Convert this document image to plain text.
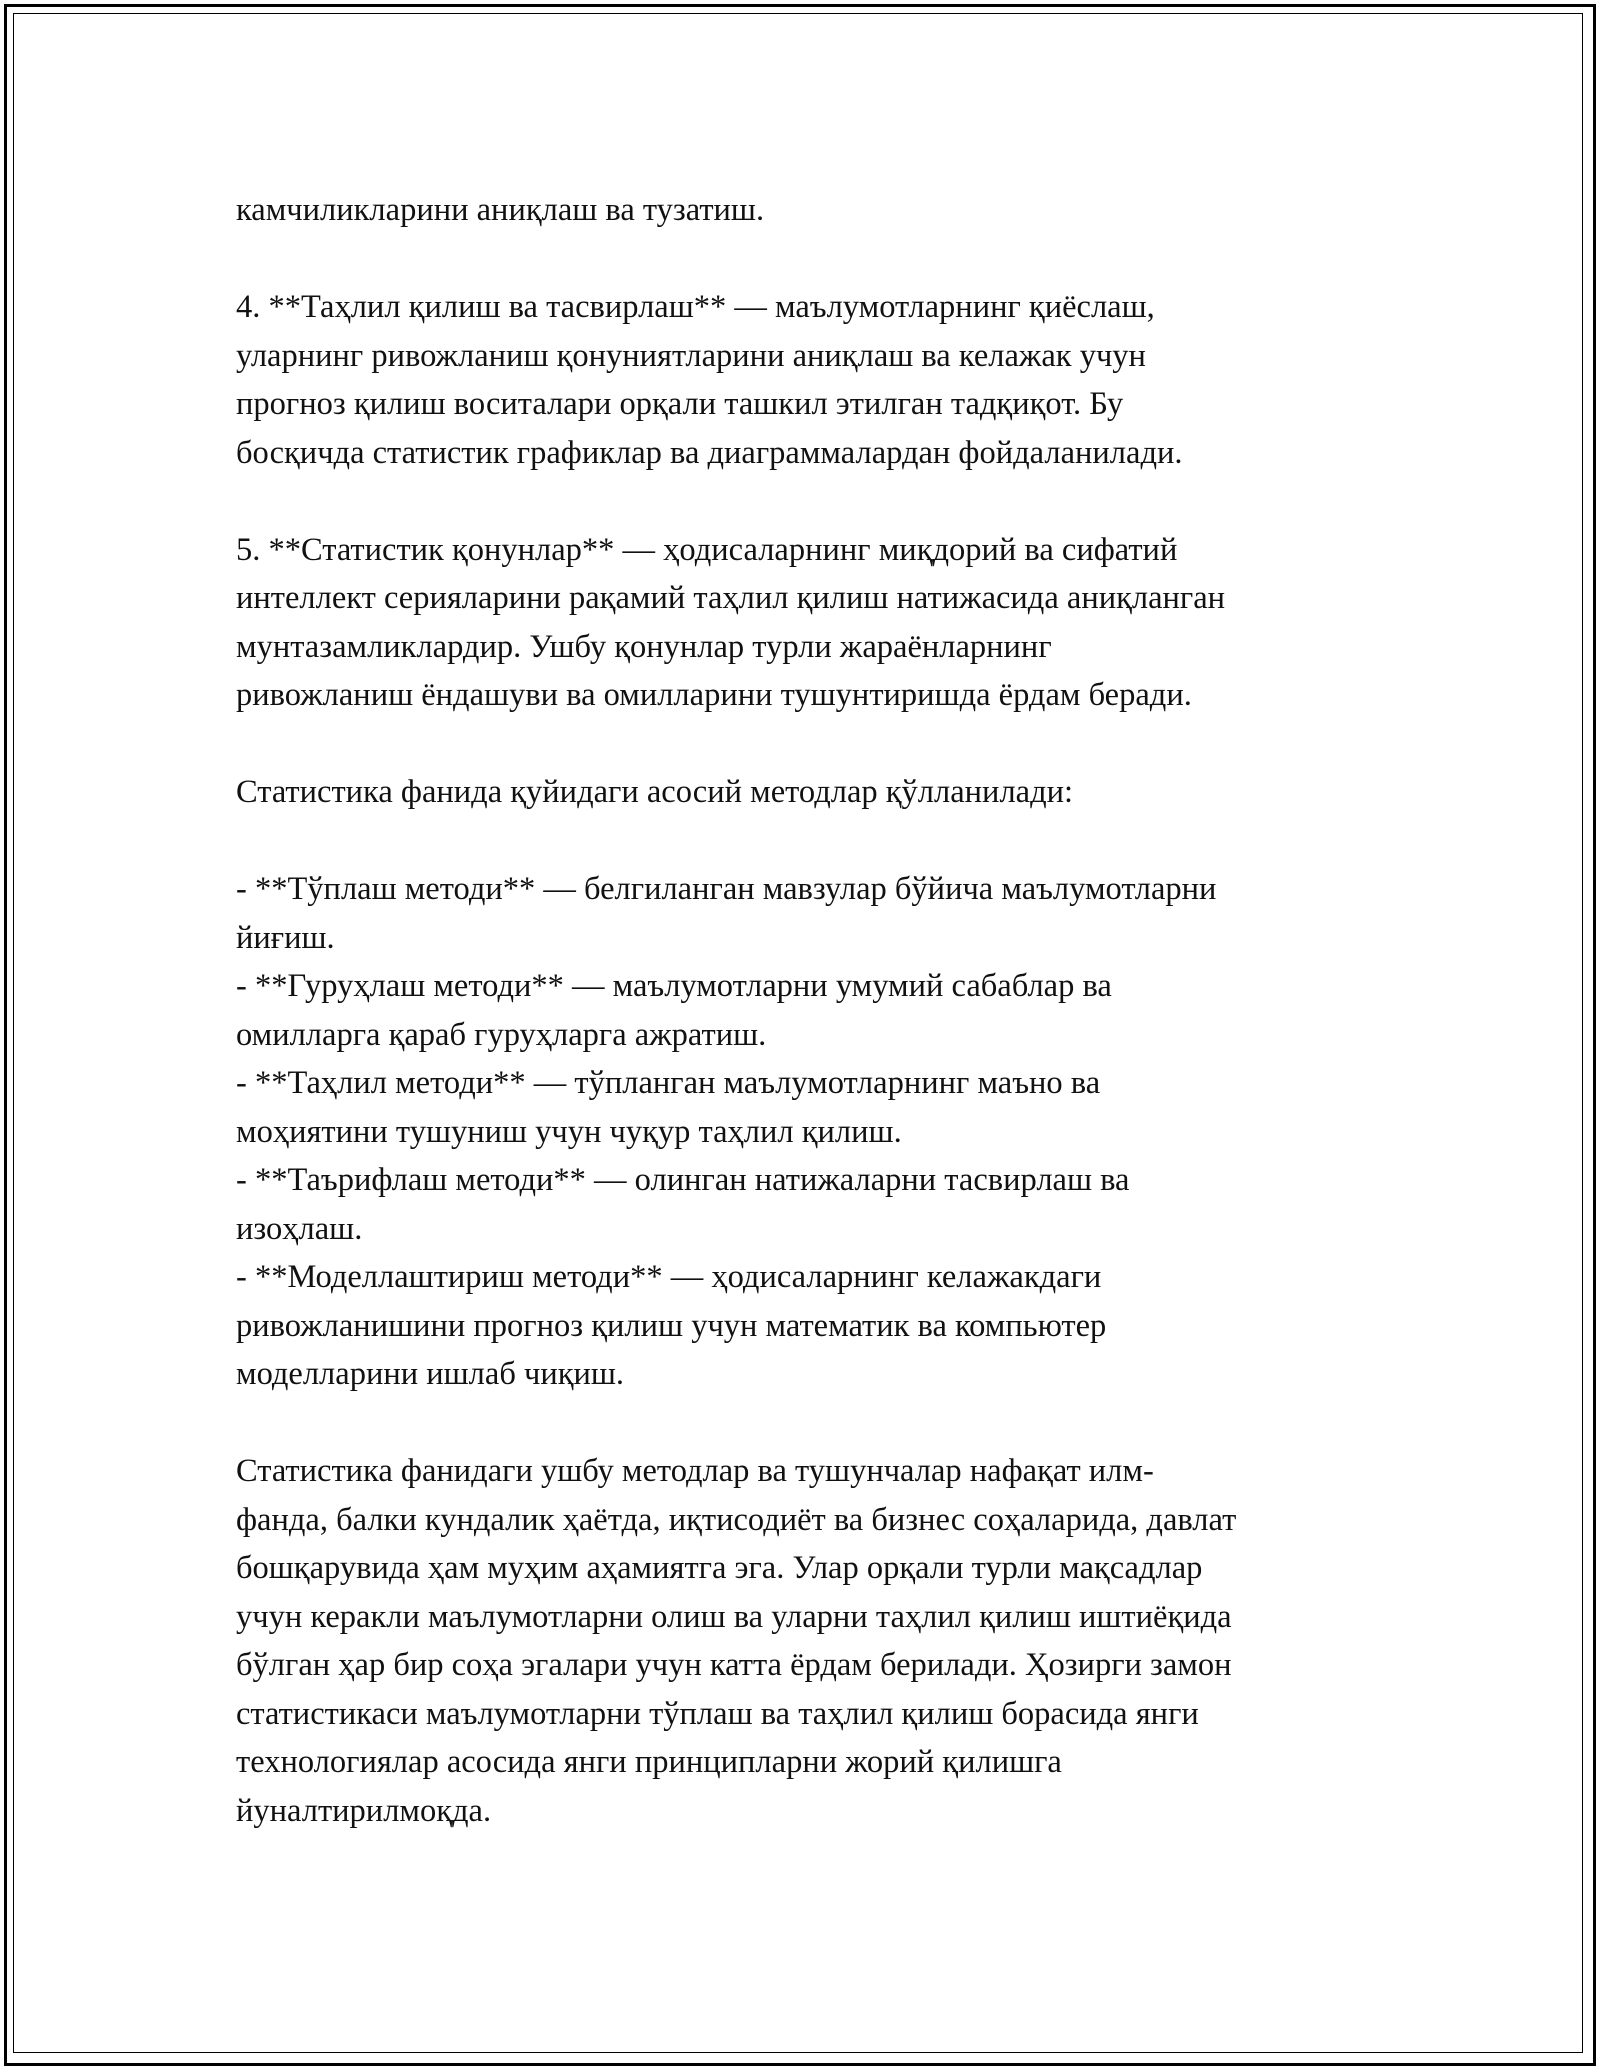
камчиликларини аниқлаш ва тузатиш.
4. **Таҳлил қилиш ва тасвирлаш** — маълумотларнинг қиёслаш,
уларнинг ривожланиш қонуниятларини аниқлаш ва келажак учун
прогноз қилиш воситалари орқали ташкил этилган тадқиқот. Бу
босқичда статистик графиклар ва диаграммалардан фойдаланилади.
5. **Статистик қонунлар** — ҳодисаларнинг миқдорий ва сифатий
интеллект серияларини рақамий таҳлил қилиш натижасида аниқланган
мунтазамликлардир. Ушбу қонунлар турли жараёнларнинг
ривожланиш ёндашуви ва омилларини тушунтиришда ёрдам беради.
Статистика фанида қуйидаги асосий методлар қўлланилади:
- **Тўплаш методи** — белгиланган мавзулар бўйича маълумотларни
йиғиш.
- **Гуруҳлаш методи** — маълумотларни умумий сабаблар ва
омилларга қараб гуруҳларга ажратиш.
- **Таҳлил методи** — тўпланган маълумотларнинг маъно ва
моҳиятини тушуниш учун чуқур таҳлил қилиш.
- **Таърифлаш методи** — олинган натижаларни тасвирлаш ва
изоҳлаш.
- **Моделлаштириш методи** — ҳодисаларнинг келажакдаги
ривожланишини прогноз қилиш учун математик ва компьютер
моделларини ишлаб чиқиш.
Статистика фанидаги ушбу методлар ва тушунчалар нафақат илм-
фанда, балки кундалик ҳаётда, иқтисодиёт ва бизнес соҳаларида, давлат
бошқарувида ҳам муҳим аҳамиятга эга. Улар орқали турли мақсадлар
учун керакли маълумотларни олиш ва уларни таҳлил қилиш иштиёқида
бўлган ҳар бир соҳа эгалари учун катта ёрдам берилади. Ҳозирги замон
статистикаси маълумотларни тўплаш ва таҳлил қилиш борасида янги
технологиялар асосида янги принципларни жорий қилишга
йуналтирилмоқда.
